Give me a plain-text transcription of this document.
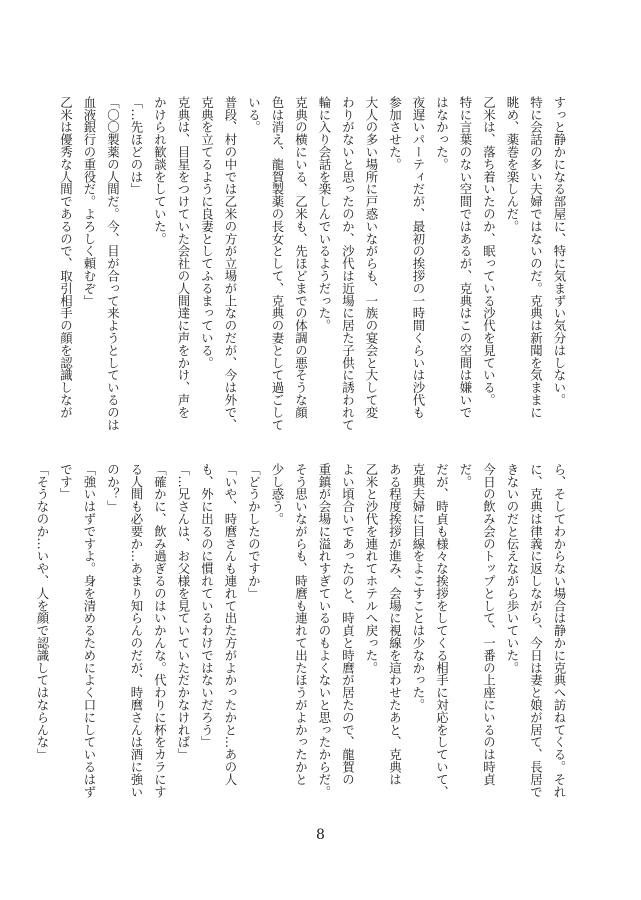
すっと静かになる部屋に、特に気まずい気分はしない。
特に会話の多い夫婦ではないのだ。克典は新聞を気ままに
眺め、薬巻を楽しんだ。
乙米は、落ち着いたのか、眠っている沙代を見ている。
特に言葉のない空間ではあるが、克典はこの空間は嫌いで
はなかった。
夜遅いパーティだが、最初の挨拶の一時間くらいは沙代も
参加させた。
大人の多い場所に戸惑いながらも、一族の宴会と大して変
わりがないと思ったのか、沙代は近場に居た子供に誘われて
輪に入り会話を楽しんでいるようだった。
克典の横にいる、乙米も、先ほどまでの体調の悪そうな顔
色は消え、龍賀製薬の長女として、克典の妻として過ごして
いる。
普段、村の中では乙米の方が立場が上なのだが、今は外で、
克典を立てるように良妻としてふるまっている。
克典は、目星をつけていた会社の人間達に声をかけ、声を
かけられ歓談をしていた。
「…先ほどのは」
「〇〇製薬の人間だ。今、目が合って来ようとしているのは
血液銀行の重役だ。よろしく頼むぞ」
乙米は優秀な人間であるので、取引相手の顔を認識しなが
ら、そしてわからない場合は静かに克典へ訪ねてくる。それ
に、克典は律義に返しながら、今日は妻と娘が居て、長居で
きないのだと伝えながら歩いていた。
今日の飲み会のトップとして、一番の上座にいるのは時貞
だ。
だが、時貞も様々な挨拶をしてくる相手に対応をしていて、
克典夫婦に目線をよこすことは少なかった。
ある程度挨拶が進み、会場に視線を這わせたあと、克典は
乙米と沙代を連れてホテルへ戻った。
よい頃合いであったのと、時貞と時麿が居たので、龍賀の
重鎮が会場に溢れすぎているのもよくないと思ったからだ。
そう思いながらも、時麿も連れて出たほうがよかったかと
少し惑う。
「どうかしたのですか」
「いや、時麿さんも連れて出た方がよかったかと…あの人
も、外に出るのに慣れているわけではないだろう」
「…兄さんは、お父様を見ていていただかなければ」
「確かに、飲み過ぎるのはいかんな。代わりに杯をカラにす
る人間も必要か…あまり知らんのだが、時麿さんは酒に強い
のか？」
「強いはずですよ。身を清めるためによく口にしているはず
です」
「そうなのか…いや、人を顔で認識してはならんな」
8
